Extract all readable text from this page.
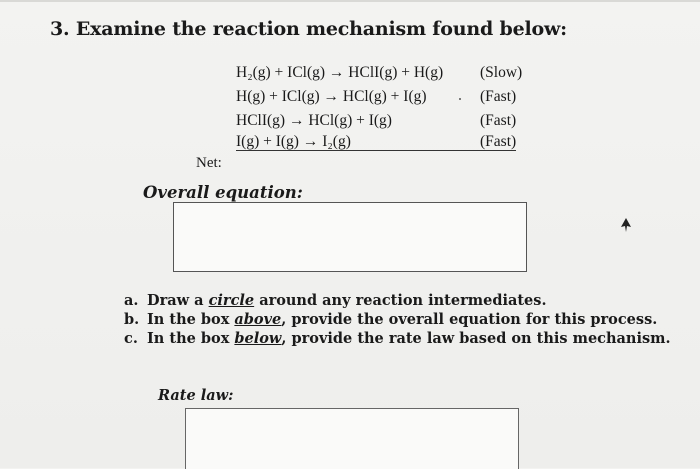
3. Examine the reaction mechanism found below:
H₂(g) + ICl(g) → HClI(g) + H(g) (Slow)
H(g) + ICl(g) → HCl(g) + I(g)	(Fast)
HClI(g) → HCl(g) + I(g)	(Fast)
I(g) + I(g) → I₂(g)	(Fast)
Net:
Overall equation:
a. Draw a circle around any reaction intermediates.
b. In the box above, provide the overall equation for this process.
c. In the box below, provide the rate law based on this mechanism.
Rate law:
